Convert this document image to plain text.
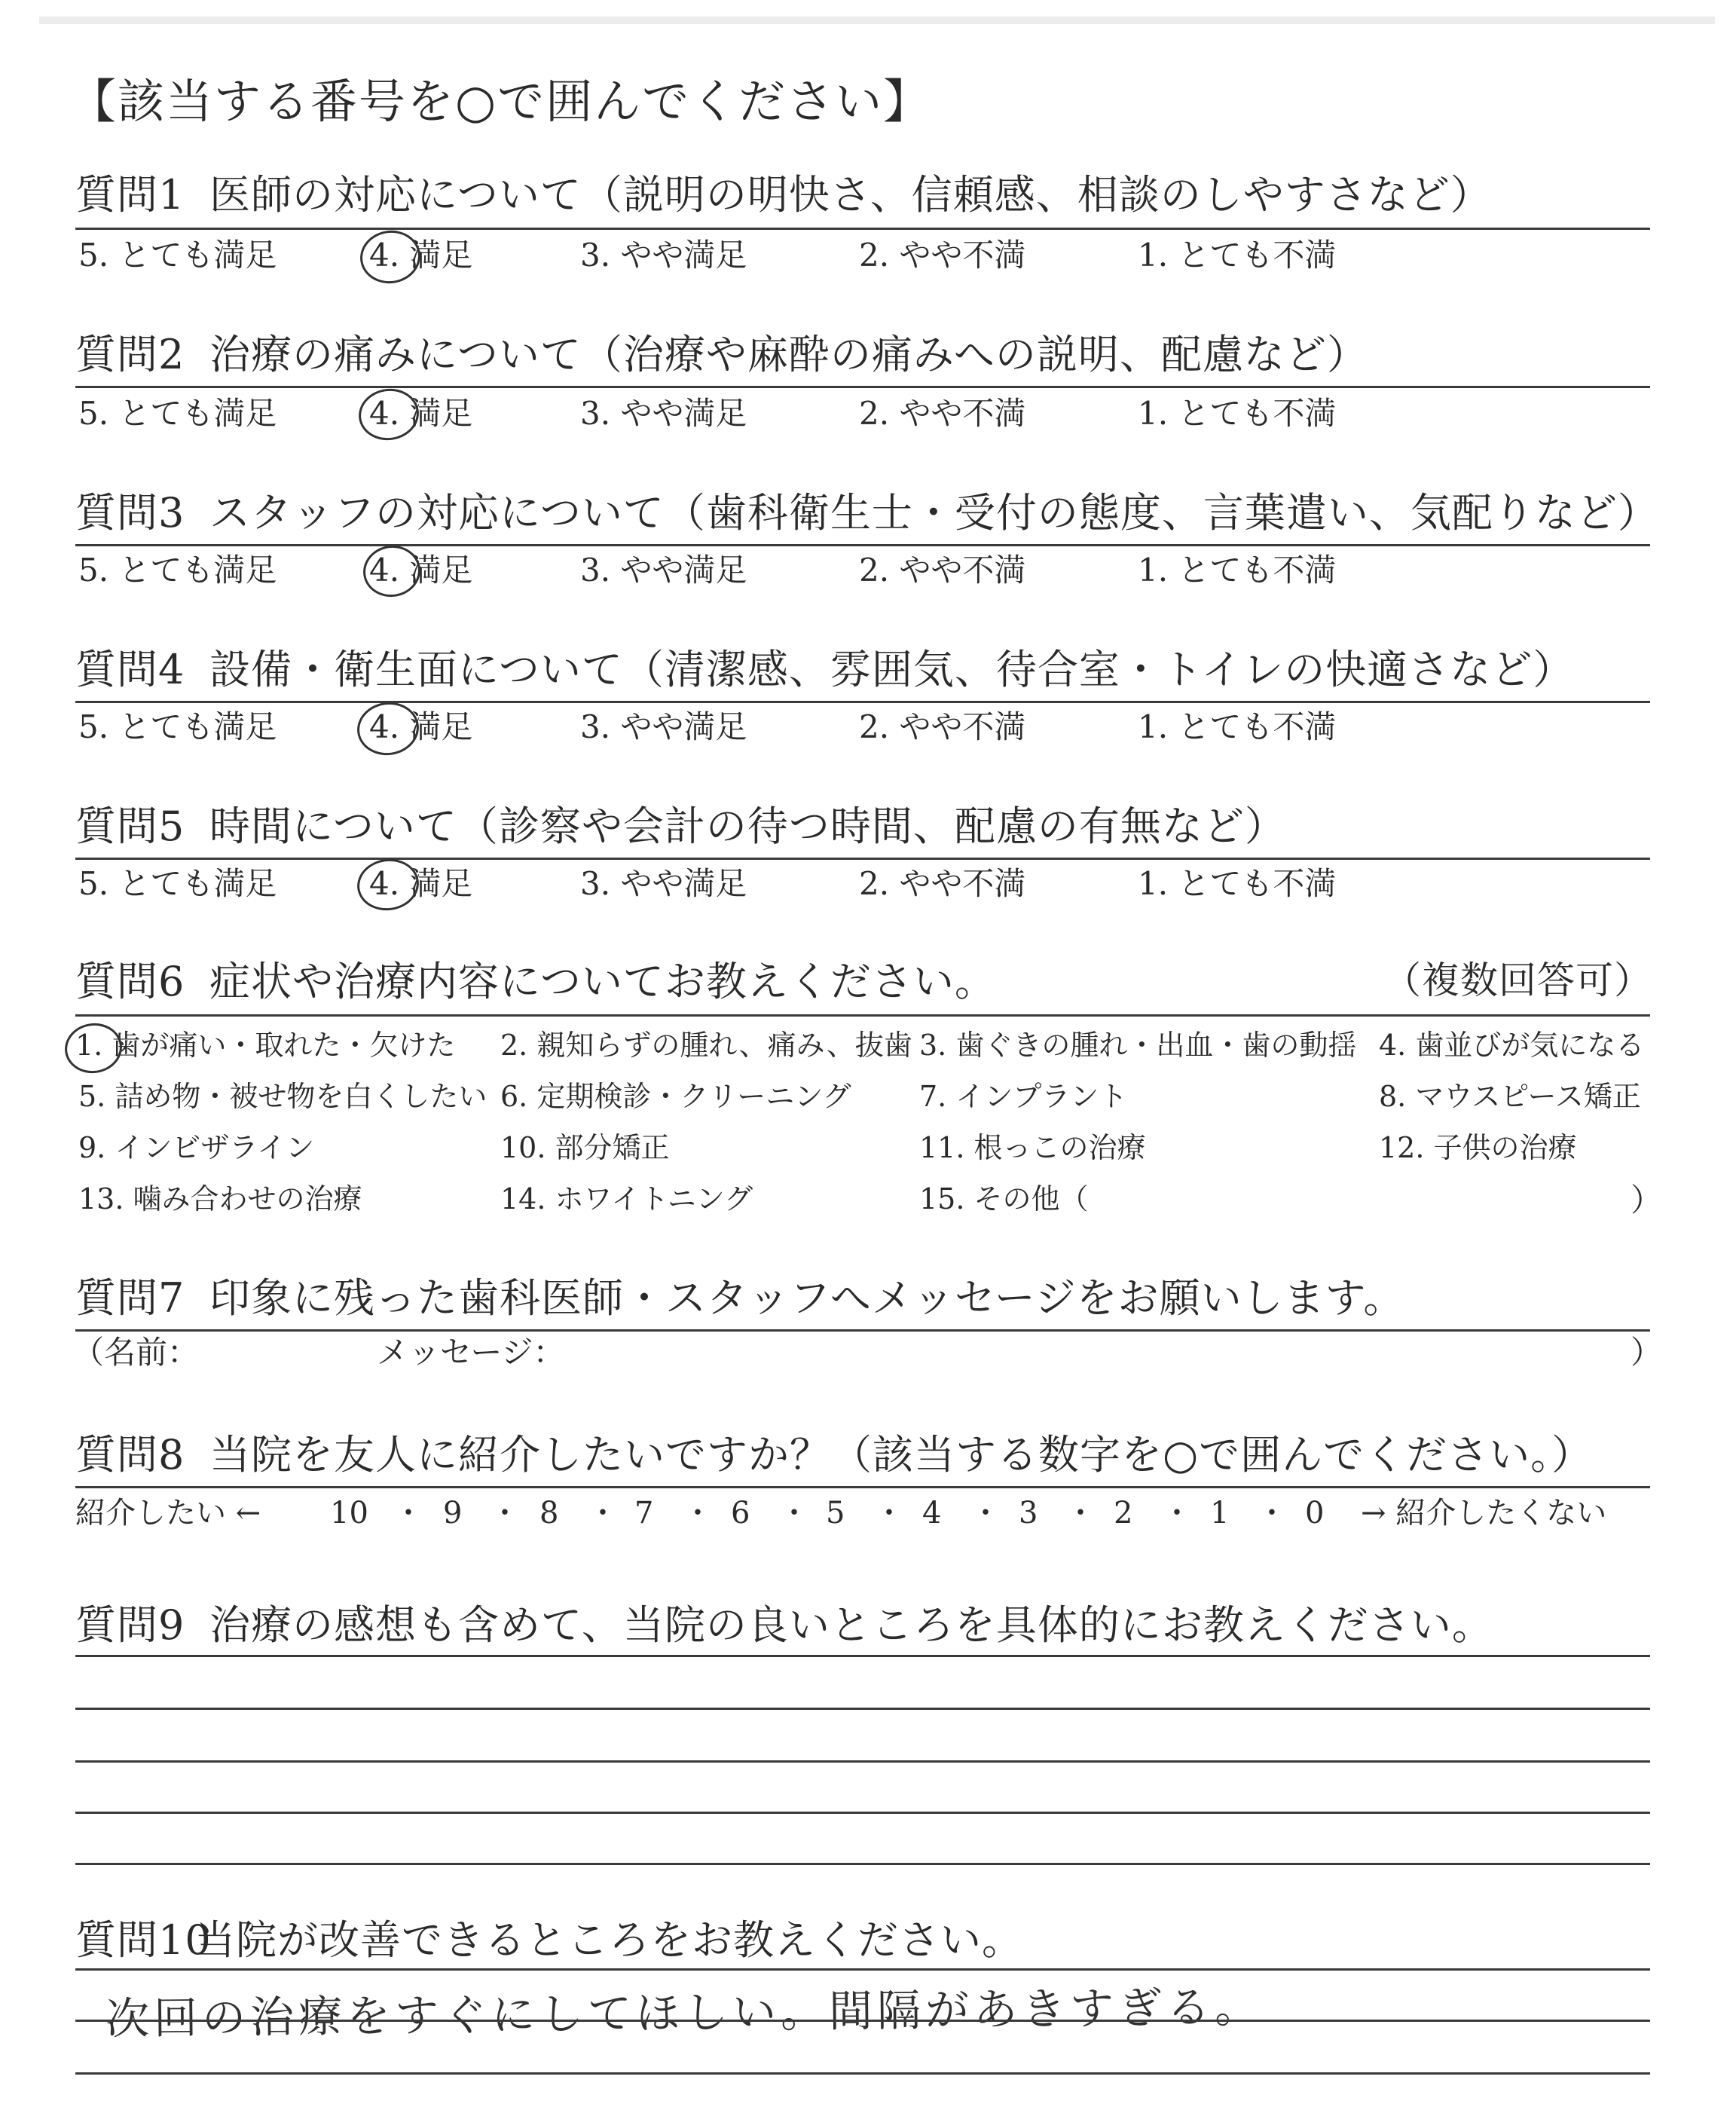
【該当する番号を○で囲んでください】
質問1 医師の対応について（説明の明快さ、信頼感、相談のしやすさなど）
5. とても満足	4. 満足	3. やや満足	2. やや不満	1. とても不満
質問2 治療の痛みについて（治療や麻酔の痛みへの説明、配慮など）
5. とても満足	4. 満足	3. やや満足	2. やや不満	1. とても不満
質問3 スタッフの対応について（歯科衛生士・受付の態度、言葉遣い、気配りなど）
5. とても満足	4. 満足	3. やや満足	2. やや不満	1. とても不満
質問4 設備・衛生面について（清潔感、雰囲気、待合室・トイレの快適さなど）
5. とても満足	4. 満足	3. やや満足	2. やや不満	1. とても不満
質問5 時間について（診察や会計の待つ時間、配慮の有無など）
5. とても満足	4. 満足	3. やや満足	2. やや不満	1. とても不満
質問6 症状や治療内容についてお教えください。	（複数回答可）
1. 歯が痛い・取れた・欠けた 2. 親知らずの腫れ、痛み、抜歯 3. 歯ぐきの腫れ・出血・歯の動揺 4. 歯並びが気になる
5. 詰め物・被せ物を白くしたい 6. 定期検診・クリーニング 7. インプラント	8. マウスピース矯正
9. インビザライン	10. 部分矯正	11. 根っこの治療	12. 子供の治療
13. 噛み合わせの治療	14. ホワイトニング	15. その他（	）
質問7 印象に残った歯科医師・スタッフへメッセージをお願いします。
（名前：	メッセージ：	）
質問8 当院を友人に紹介したいですか？（該当する数字を○で囲んでください。）
紹介したい ← 10 ・ 9 ・ 8 ・ 7 ・ 6 ・ 5 ・ 4 ・ 3 ・ 2 ・ 1 ・ 0 → 紹介したくない
質問9 治療の感想も含めて、当院の良いところを具体的にお教えください。
質問10
当院が改善できるところをお教えください。
次回の治療をすぐにしてほしい。間隔があきすぎる。
